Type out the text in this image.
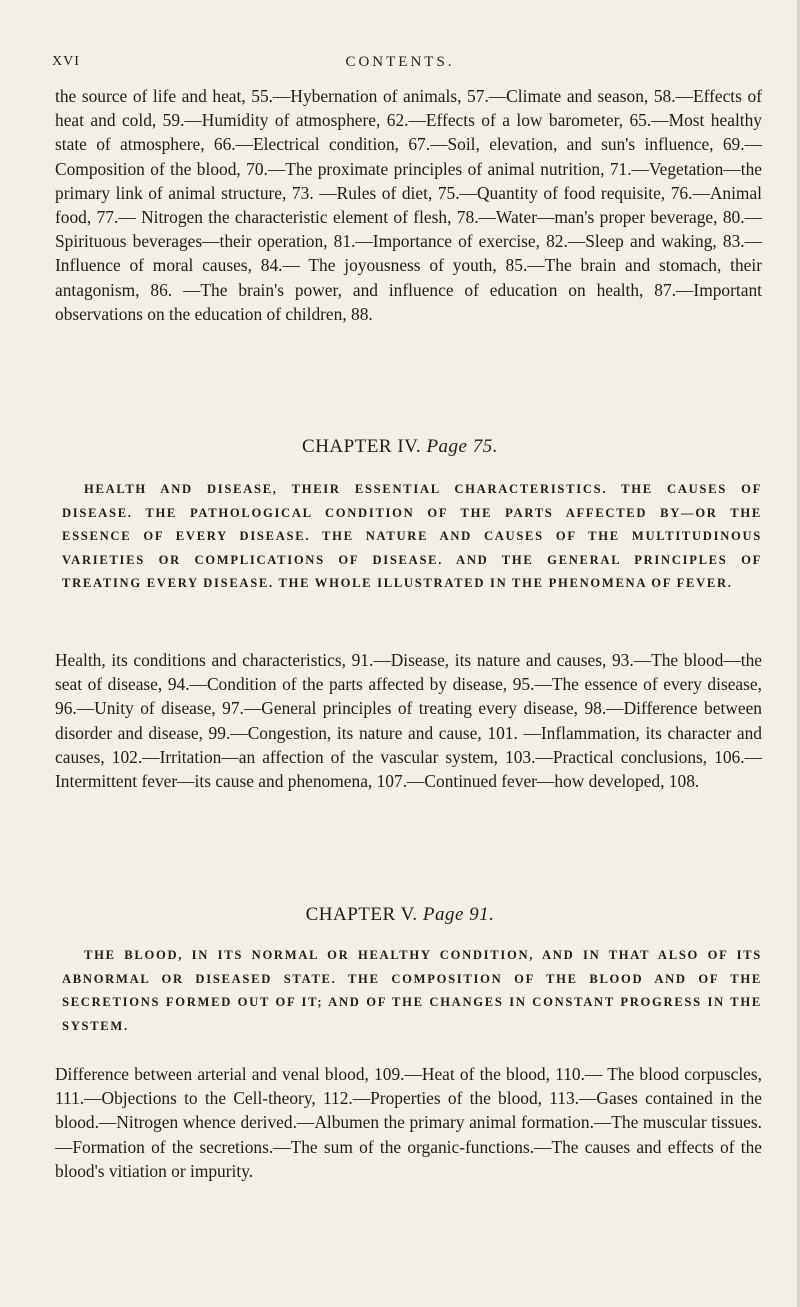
xvi	CONTENTS.

the source of life and heat, 55.—Hybernation of animals, 57.—Climate and season, 58.—Effects of heat and cold, 59.—Humidity of atmosphere, 62.—Effects of a low barometer, 65.—Most healthy state of atmosphere, 66.—Electrical condition, 67.—Soil, elevation, and sun's influence, 69.—Composition of the blood, 70.—The proximate principles of animal nutrition, 71.—Vegetation—the primary link of animal structure, 73. —Rules of diet, 75.—Quantity of food requisite, 76.—Animal food, 77.— Nitrogen the characteristic element of flesh, 78.—Water—man's proper beverage, 80.—Spirituous beverages—their operation, 81.—Importance of exercise, 82.—Sleep and waking, 83.—Influence of moral causes, 84.— The joyousness of youth, 85.—The brain and stomach, their antagonism, 86. —The brain's power, and influence of education on health, 87.—Important observations on the education of children, 88.

CHAPTER IV. Page 75.

HEALTH AND DISEASE, THEIR ESSENTIAL CHARACTERISTICS. THE CAUSES OF DISEASE. THE PATHOLOGICAL CONDITION OF THE PARTS AFFECTED BY—OR THE ESSENCE OF EVERY DISEASE. THE NATURE AND CAUSES OF THE MULTITUDINOUS VARIETIES OR COMPLICATIONS OF DISEASE. AND THE GENERAL PRINCIPLES OF TREATING EVERY DISEASE. THE WHOLE ILLUSTRATED IN THE PHENOMENA OF FEVER.

Health, its conditions and characteristics, 91.—Disease, its nature and causes, 93.—The blood—the seat of disease, 94.—Condition of the parts affected by disease, 95.—The essence of every disease, 96.—Unity of disease, 97.—General principles of treating every disease, 98.—Difference between disorder and disease, 99.—Congestion, its nature and cause, 101. —Inflammation, its character and causes, 102.—Irritation—an affection of the vascular system, 103.—Practical conclusions, 106.—Intermittent fever—its cause and phenomena, 107.—Continued fever—how developed, 108.

CHAPTER V. Page 91.

THE BLOOD, IN ITS NORMAL OR HEALTHY CONDITION, AND IN THAT ALSO OF ITS ABNORMAL OR DISEASED STATE. THE COMPOSITION OF THE BLOOD AND OF THE SECRETIONS FORMED OUT OF IT; AND OF THE CHANGES IN CONSTANT PROGRESS IN THE SYSTEM.

Difference between arterial and venal blood, 109.—Heat of the blood, 110.— The blood corpuscles, 111.—Objections to the Cell-theory, 112.—Properties of the blood, 113.—Gases contained in the blood.—Nitrogen whence derived.—Albumen the primary animal formation.—The muscular tissues. —Formation of the secretions.—The sum of the organic-functions.—The causes and effects of the blood's vitiation or impurity.
